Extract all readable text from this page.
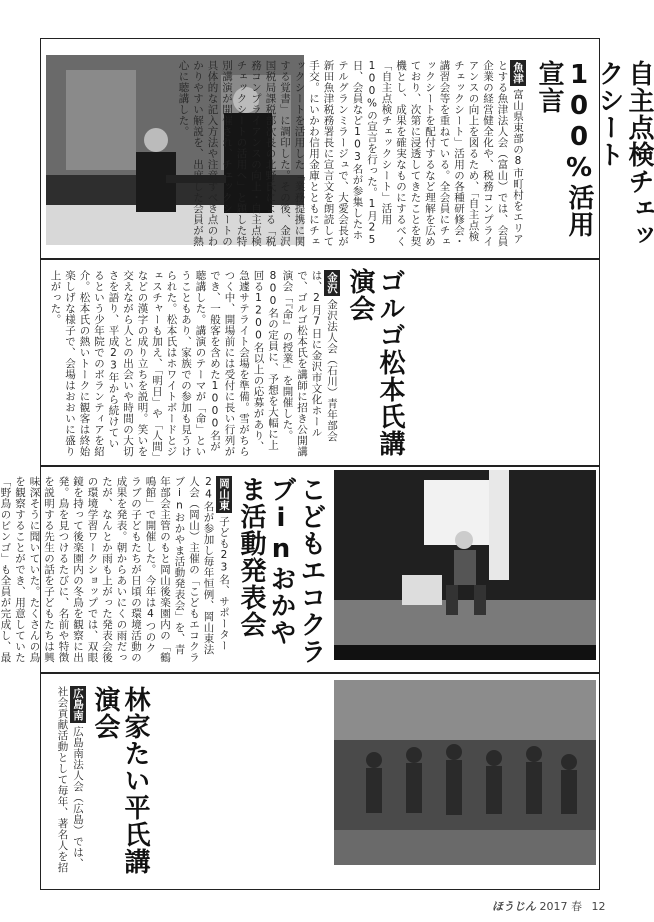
自主点検チェックシート100%活用宣言
魚津富山県東部の8市町村をエリアとする魚津法人会（富山）では、会員企業の経営健全化や、税務コンプライアンスの向上を図るため、「自主点検チェックシート」活用の各種研修会・講習会等を重ねている。全会員にチェックシートを配付するなど理解を広めており、次第に浸透してきたことを契機とし、成果を確実なものにするべく「自主点検チェックシート」活用100%の宣言を行った。1月25日、会員など103名が参集したホテルグランミラージュで、大愛会長が新田魚津税務署長に宣言文を朗読して手交。にいかわ信用金庫とともにチェックシートを活用した「業務提携に関する覚書」に調印した。その後、金沢国税局課税部次長の北野氏による「税務コンプライアンスの向上・自主点検チェックシートの活用へ」と題した特別講演が開催され、チェックシートの具体的な記入方法や注意すべき点のわかりやすい解説を、出席した会員が熱心に聴講した。
ゴルゴ松本氏講演会
金沢金沢法人会（石川）青年部会は、2月7日に金沢市文化ホールで、ゴルゴ松本氏を講師に招き公開講演会「『命』の授業」を開催した。800名の定員に、予想を大幅に上回る1200名以上の応募があり、急遽サテライト会場を準備。雪がちらつく中、開場前には受付に長い行列ができ、一般客を含めた1000名が聴講した。講演のテーマが「命」ということもあり、家族での参加も見うけられた。松本氏はホワイトボードとジェスチャーも加え、「明日」や「人間」などの漢字の成り立ちを説明。笑いを交えながら人との出会いや時間の大切さを語り、平成23年から続けているという少年院でのボランティアを紹介。松本氏の熱いトークに観客は終始楽しげな様子で、会場はおおいに盛り上がった。
こどもエコクラブinおかやま活動発表会
岡山東子ども23名、サポーター24名が参加し毎年恒例、岡山東法人会（岡山）主催の「こどもエコクラブinおかやま活動発表会」を、青年部会主管のもと岡山後楽園内の「鶴鳴館」で開催した。今年は4つのクラブの子どもたちが日頃の環境活動の成果を発表。朝からあいにくの雨だったが、なんとか雨も上がった発表会後の環境学習ワークショップでは、双眼鏡を持って後楽園内の冬鳥を観察に出発。鳥を見つけるたびに、名前や特徴を説明する先生の話を子どもたちは興味深そうに聞いていた。たくさんの鳥を観察することができ、用意していた「野鳥のビンゴ」も全員が完成し、最
林家たい平氏講演会
広島南広島南法人会（広島）では、社会貢献活動として毎年、著名人を招
ほうじん 2017 春 12
